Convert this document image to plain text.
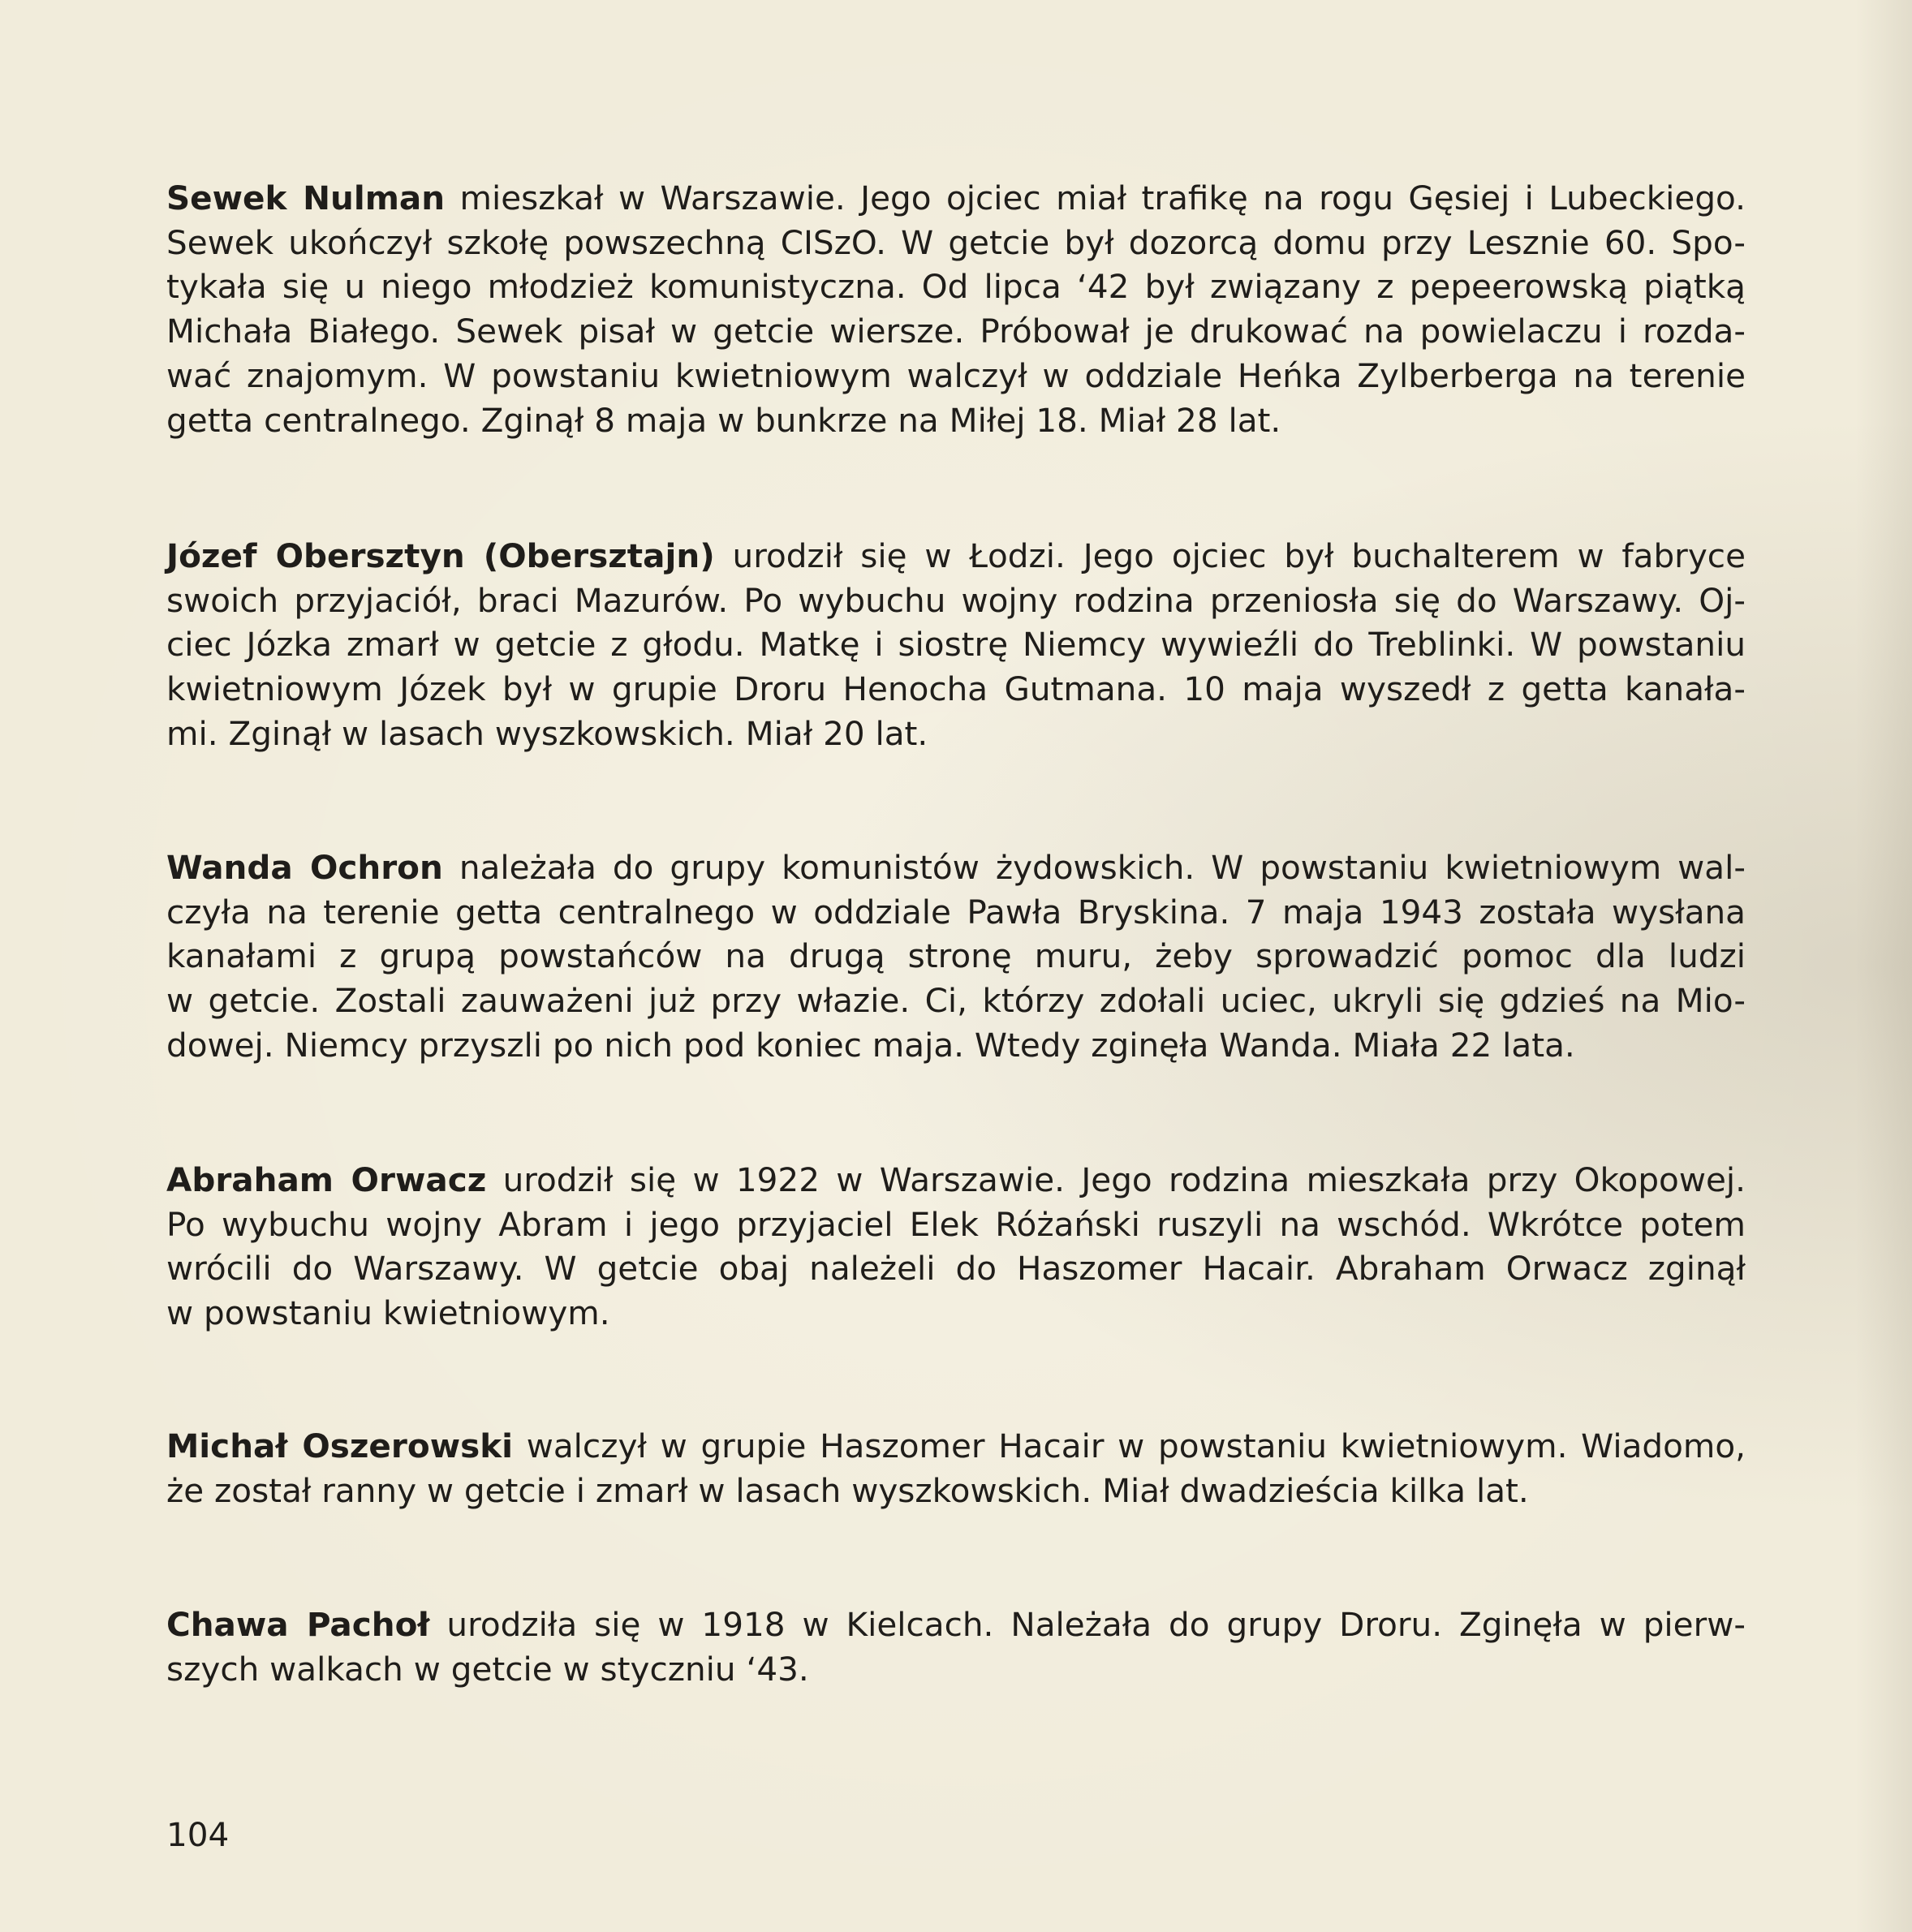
Sewek Nulman mieszkał w Warszawie. Jego ojciec miał trafikę na rogu Gęsiej i Lubeckiego.
Sewek ukończył szkołę powszechną CISzO. W getcie był dozorcą domu przy Lesznie 60. Spo-
tykała się u niego młodzież komunistyczna. Od lipca ‘42 był związany z pepeerowską piątką
Michała Białego. Sewek pisał w getcie wiersze. Próbował je drukować na powielaczu i rozda-
wać znajomym. W powstaniu kwietniowym walczył w oddziale Heńka Zylberberga na terenie
getta centralnego. Zginął 8 maja w bunkrze na Miłej 18. Miał 28 lat.

Józef Obersztyn (Obersztajn) urodził się w Łodzi. Jego ojciec był buchalterem w fabryce
swoich przyjaciół, braci Mazurów. Po wybuchu wojny rodzina przeniosła się do Warszawy. Oj-
ciec Józka zmarł w getcie z głodu. Matkę i siostrę Niemcy wywieźli do Treblinki. W powstaniu
kwietniowym Józek był w grupie Droru Henocha Gutmana. 10 maja wyszedł z getta kanała-
mi. Zginął w lasach wyszkowskich. Miał 20 lat.

Wanda Ochron należała do grupy komunistów żydowskich. W powstaniu kwietniowym wal-
czyła na terenie getta centralnego w oddziale Pawła Bryskina. 7 maja 1943 została wysłana
kanałami z grupą powstańców na drugą stronę muru, żeby sprowadzić pomoc dla ludzi
w getcie. Zostali zauważeni już przy włazie. Ci, którzy zdołali uciec, ukryli się gdzieś na Mio-
dowej. Niemcy przyszli po nich pod koniec maja. Wtedy zginęła Wanda. Miała 22 lata.

Abraham Orwacz urodził się w 1922 w Warszawie. Jego rodzina mieszkała przy Okopowej.
Po wybuchu wojny Abram i jego przyjaciel Elek Różański ruszyli na wschód. Wkrótce potem
wrócili do Warszawy. W getcie obaj należeli do Haszomer Hacair. Abraham Orwacz zginął
w powstaniu kwietniowym.

Michał Oszerowski walczył w grupie Haszomer Hacair w powstaniu kwietniowym. Wiadomo,
że został ranny w getcie i zmarł w lasach wyszkowskich. Miał dwadzieścia kilka lat.

Chawa Pachoł urodziła się w 1918 w Kielcach. Należała do grupy Droru. Zginęła w pierw-
szych walkach w getcie w styczniu ‘43.

104
